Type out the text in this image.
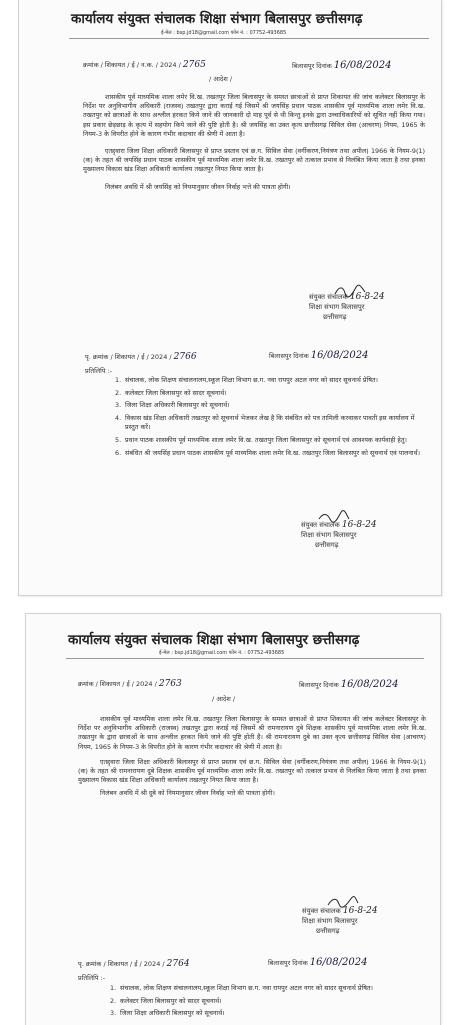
कार्यालय संयुक्त संचालक शिक्षा संभाग बिलासपुर छत्तीसगढ़
ई-मेल : bsp.jd18@gmail.com फोन नं. : 07752-493685
क्रमांक / शिकायत / ई / न.क. / 2024 / 2765	बिलासपुर दिनांक 16/08/2024
/ आदेश /

शासकीय पूर्व माध्यमिक शाला लमेर वि.ख. तखतपुर जिला बिलासपुर के समस्त छात्राओं से प्राप्त शिकायत की जांच कलेक्टर बिलासपुर के निर्देश पर अनुविभागीय अधिकारी (राजस्व) तखतपुर द्वारा कराई गई जिसमें श्री जयसिंह प्रधान पाठक शासकीय पूर्व माध्यमिक शाला लमेर वि.ख. तखतपुर को छात्राओं के साथ अश्लील हरकत किये जाने की जानकारी दो माह पूर्व से थी किन्तु इनके द्वारा उच्चाधिकारियों को सूचित नहीं किया गया। इस प्रकार छेड़छाड़ के कृत्य में सहयोग किये जाने की पुष्टि होती है। श्री जयसिंह का उक्त कृत्य छत्तीसगढ़ सिविल सेवा (आचरण) नियम, 1965 के नियम-3 के विपरीत होने के कारण गंभीर कदाचार की श्रेणी में आता है।

एतद्द्वारा जिला शिक्षा अधिकारी बिलासपुर से प्राप्त प्रस्ताव एवं छ.ग. सिविल सेवा (वर्गीकरण,नियंत्रण तथा अपील) 1966 के नियम-9(1) (क) के तहत श्री जयसिंह प्रधान पाठक शासकीय पूर्व माध्यमिक शाला लमेर वि.ख. तखतपुर को तत्काल प्रभाव से निलंबित किया जाता है तथा इनका मुख्यालय विकास खंड शिक्षा अधिकारी कार्यालय तखतपुर नियत किया जाता है।

निलंबन अवधि में श्री जयसिंह को नियमानुसार जीवन निर्वाह भत्ते की पात्रता होगी।

संयुक्त संचालक 16-8-24
शिक्षा संभाग बिलासपुर
छत्तीसगढ़
पृ. क्रमांक / शिकायत / ई / 2024 / 2766	बिलासपुर दिनांक 16/08/2024
प्रतिलिपि :-
1. संचालक, लोक शिक्षण संचालनालय,स्कूल शिक्षा विभाग छ.ग. नवा रायपुर अटल नगर को सादर सूचनार्थ प्रेषित।
2. कलेक्टर जिला बिलासपुर को सादर सूचनार्थ।
3. जिला शिक्षा अधिकारी बिलासपुर को सूचनार्थ।
4. विकास खंड शिक्षा अधिकारी तखतपुर को सूचनार्थ भेजकर लेख है कि संबंधित को पत्र तामिली करवाकर पावती इस कार्यालय में प्रस्तुत करें।
5. प्रधान पाठक शासकीय पूर्व माध्यमिक शाला लमेर वि.ख. तखतपुर जिला बिलासपुर को सूचनार्थ एवं आवश्यक कार्यवाही हेतु।
6. संबंधित श्री जयसिंह प्रधान पाठक शासकीय पूर्व माध्यमिक शाला लमेर वि.ख. तखतपुर जिला बिलासपुर को सूचनार्थ एवं पालनार्थ।
संयुक्त संचालक 16-8-24
शिक्षा संभाग बिलासपुर
छत्तीसगढ़
कार्यालय संयुक्त संचालक शिक्षा संभाग बिलासपुर छत्तीसगढ़
ई-मेल : bsp.jd18@gmail.com फोन नं. : 07752-493685
क्रमांक / शिकायत / ई / 2024 / 2763	बिलासपुर दिनांक 16/08/2024
/ आदेश /

शासकीय पूर्व माध्यमिक शाला लमेर वि.ख. तखतपुर जिला बिलासपुर के समस्त छात्राओं से प्राप्त शिकायत की जांच कलेक्टर बिलासपुर के निर्देश पर अनुविभागीय अधिकारी (राजस्व) तखतपुर द्वारा कराई गई जिसमें श्री रामनारायण दुबे शिक्षक शासकीय पूर्व माध्यमिक शाला लमेर वि.ख. तखतपुर के द्वारा छात्राओं के साथ अश्लील हरकत किये जाने की पुष्टि होती है। श्री रामनारायण दुबे का उक्त कृत्य छत्तीसगढ़ सिविल सेवा (आचरण) नियम, 1965 के नियम-3 के विपरीत होने के कारण गंभीर कदाचार की श्रेणी में आता है।

एतद्द्वारा जिला शिक्षा अधिकारी बिलासपुर से प्राप्त प्रस्ताव एवं छ.ग. सिविल सेवा (वर्गीकरण,नियंत्रण तथा अपील) 1966 के नियम-9(1) (क) के तहत श्री रामनारायण दुबे शिक्षक शासकीय पूर्व माध्यमिक शाला लमेर वि.ख. तखतपुर को तत्काल प्रभाव से निलंबित किया जाता है तथा इनका मुख्यालय विकास खंड शिक्षा अधिकारी कार्यालय तखतपुर नियत किया जाता है।

निलंबन अवधि में श्री दुबे को नियमानुसार जीवन निर्वाह भत्ते की पात्रता होगी।

संयुक्त संचालक 16-8-24
शिक्षा संभाग बिलासपुर
छत्तीसगढ़
पृ. क्रमांक / शिकायत / ई / 2024 / 2764	बिलासपुर दिनांक 16/08/2024
प्रतिलिपि :-
1. संचालक, लोक शिक्षण संचालनालय,स्कूल शिक्षा विभाग छ.ग. नवा रायपुर अटल नगर को सादर सूचनार्थ प्रेषित।
2. कलेक्टर जिला बिलासपुर को सादर सूचनार्थ।
3. जिला शिक्षा अधिकारी बिलासपुर को सूचनार्थ।
